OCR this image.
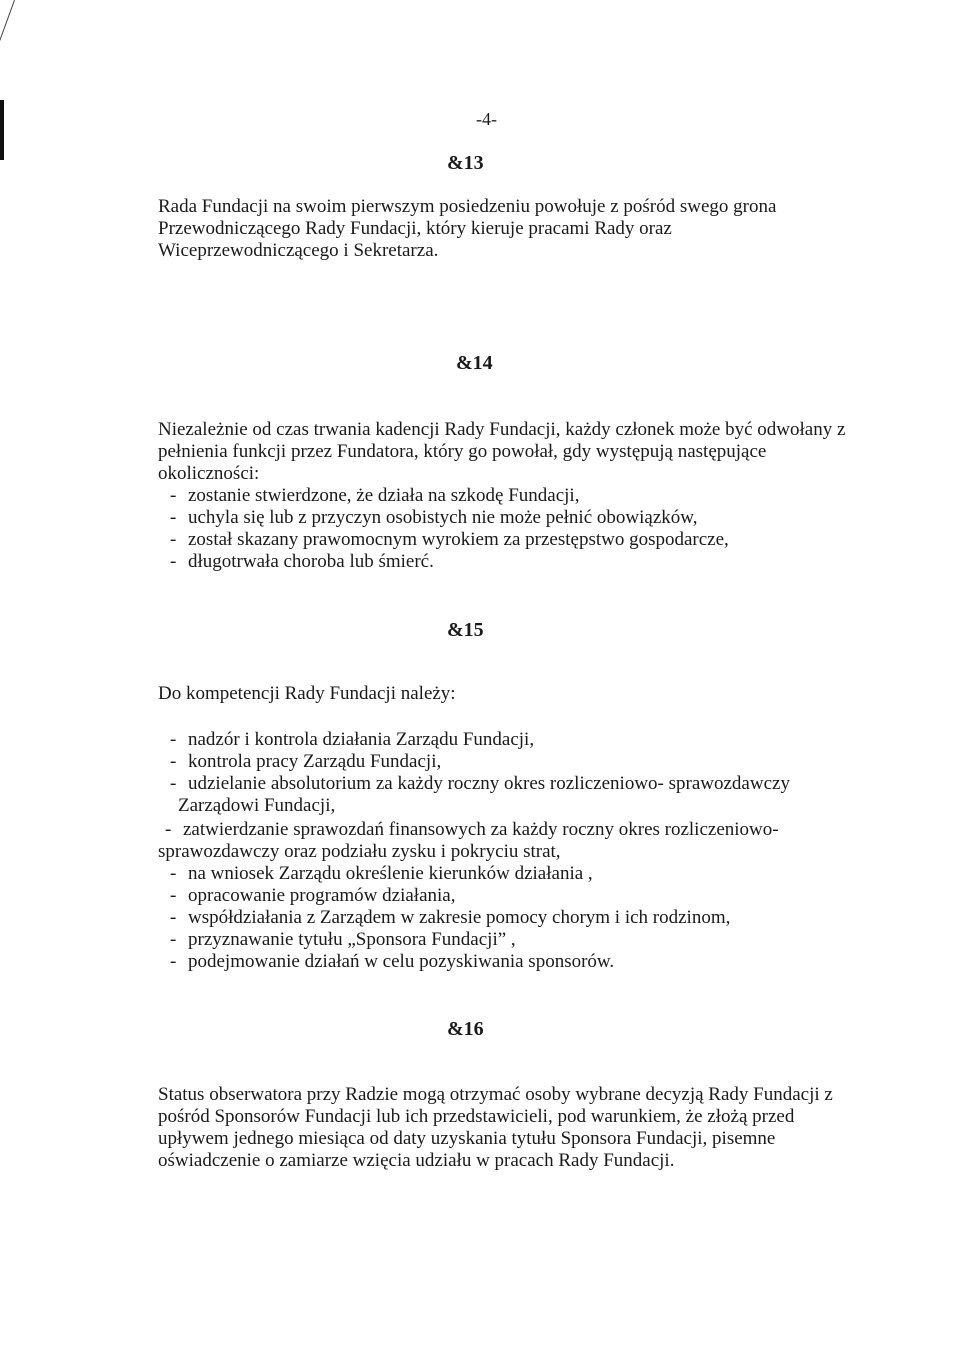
-4-
&13
Rada Fundacji na swoim pierwszym posiedzeniu powołuje z pośród swego grona
Przewodniczącego Rady Fundacji, który kieruje pracami Rady oraz
Wiceprzewodniczącego i Sekretarza.
&14
Niezależnie od czas trwania kadencji Rady Fundacji, każdy członek może być odwołany z
pełnienia funkcji przez Fundatora, który go powołał, gdy występują następujące
okoliczności:
- zostanie stwierdzone, że działa na szkodę Fundacji,
- uchyla się lub z przyczyn osobistych nie może pełnić obowiązków,
- został skazany prawomocnym wyrokiem za przestępstwo gospodarcze,
- długotrwała choroba lub śmierć.
&15
Do kompetencji Rady Fundacji należy:
- nadzór i kontrola działania Zarządu Fundacji,
- kontrola pracy Zarządu Fundacji,
- udzielanie absolutorium za każdy roczny okres rozliczeniowo- sprawozdawczy
Zarządowi Fundacji,
- zatwierdzanie sprawozdań finansowych za każdy roczny okres rozliczeniowo-
sprawozdawczy oraz podziału zysku i pokryciu strat,
- na wniosek Zarządu określenie kierunków działania ,
- opracowanie programów działania,
- współdziałania z Zarządem w zakresie pomocy chorym i ich rodzinom,
- przyznawanie tytułu „Sponsora Fundacji” ,
- podejmowanie działań w celu pozyskiwania sponsorów.
&16
Status obserwatora przy Radzie mogą otrzymać osoby wybrane decyzją Rady Fundacji z
pośród Sponsorów Fundacji lub ich przedstawicieli, pod warunkiem, że złożą przed
upływem jednego miesiąca od daty uzyskania tytułu Sponsora Fundacji, pisemne
oświadczenie o zamiarze wzięcia udziału w pracach Rady Fundacji.
